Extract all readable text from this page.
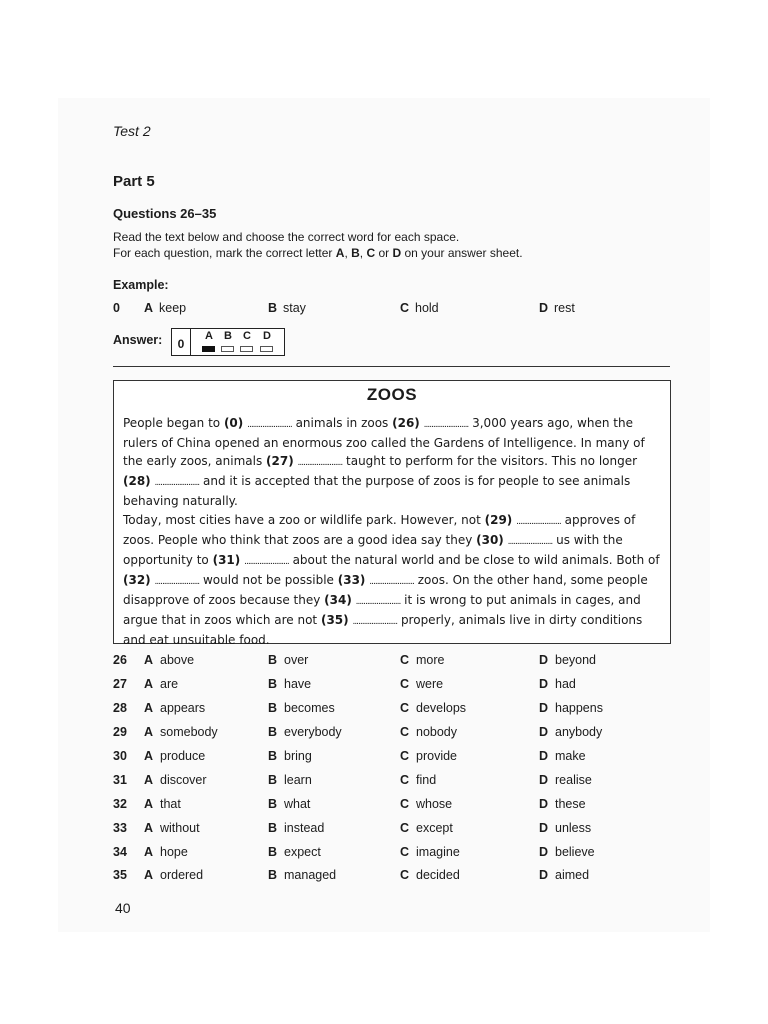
Test 2
Part 5
Questions 26–35
Read the text below and choose the correct word for each space.
For each question, mark the correct letter A, B, C or D on your answer sheet.
Example:
0 A keep	B stay	C hold	D rest
Answer:	0
A B C D
ZOOS
People began to (0) ........................ animals in zoos (26) ........................ 3,000 years ago, when the rulers of China opened an enormous zoo called the Gardens of Intelligence. In many of the early zoos, animals (27) ........................ taught to perform for the visitors. This no longer (28) ........................ and it is accepted that the purpose of zoos is for people to see animals behaving naturally.
Today, most cities have a zoo or wildlife park. However, not (29) ........................ approves of zoos. People who think that zoos are a good idea say they (30) ........................ us with the opportunity to (31) ........................ about the natural world and be close to wild animals. Both of (32) ........................ would not be possible (33) ........................ zoos. On the other hand, some people disapprove of zoos because they (34) ........................ it is wrong to put animals in cages, and argue that in zoos which are not (35) ........................ properly, animals live in dirty conditions and eat unsuitable food.
26 A above	B over	C more	D beyond
27 A are	B have	C were	D had
28 A appears	B becomes	C develops	D happens
29 A somebody	B everybody	C nobody	D anybody
30 A produce	B bring	C provide	D make
31 A discover	B learn	C find	D realise
32 A that	B what	C whose	D these
33 A without	B instead	C except	D unless
34 A hope	B expect	C imagine	D believe
35 A ordered	B managed	C decided	D aimed
40
